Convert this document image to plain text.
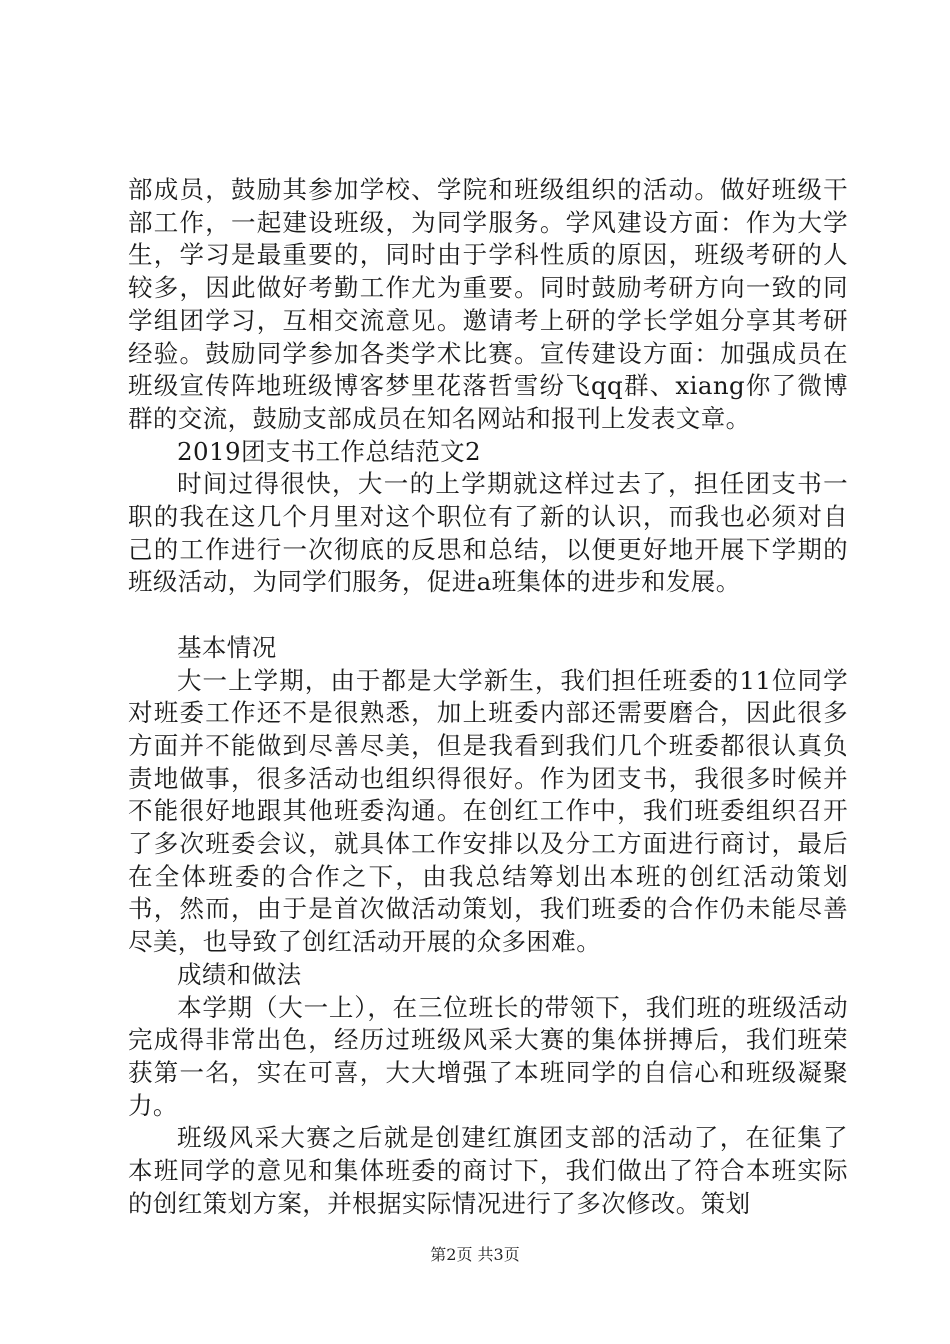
部成员，鼓励其参加学校、学院和班级组织的活动。做好班级干部工作，一起建设班级，为同学服务。学风建设方面：作为大学生，学习是最重要的，同时由于学科性质的原因，班级考研的人较多，因此做好考勤工作尤为重要。同时鼓励考研方向一致的同学组团学习，互相交流意见。邀请考上研的学长学姐分享其考研经验。鼓励同学参加各类学术比赛。宣传建设方面：加强成员在班级宣传阵地班级博客梦里花落哲雪纷飞qq群、xiang你了微博群的交流，鼓励支部成员在知名网站和报刊上发表文章。

2019团支书工作总结范文2

时间过得很快，大一的上学期就这样过去了，担任团支书一职的我在这几个月里对这个职位有了新的认识，而我也必须对自己的工作进行一次彻底的反思和总结，以便更好地开展下学期的班级活动，为同学们服务，促进a班集体的进步和发展。

基本情况

大一上学期，由于都是大学新生，我们担任班委的11位同学对班委工作还不是很熟悉，加上班委内部还需要磨合，因此很多方面并不能做到尽善尽美，但是我看到我们几个班委都很认真负责地做事，很多活动也组织得很好。作为团支书，我很多时候并不能很好地跟其他班委沟通。在创红工作中，我们班委组织召开了多次班委会议，就具体工作安排以及分工方面进行商讨，最后在全体班委的合作之下，由我总结筹划出本班的创红活动策划书，然而，由于是首次做活动策划，我们班委的合作仍未能尽善尽美，也导致了创红活动开展的众多困难。

成绩和做法

本学期（大一上），在三位班长的带领下，我们班的班级活动完成得非常出色，经历过班级风采大赛的集体拼搏后，我们班荣获第一名，实在可喜，大大增强了本班同学的自信心和班级凝聚力。

班级风采大赛之后就是创建红旗团支部的活动了，在征集了本班同学的意见和集体班委的商讨下，我们做出了符合本班实际的创红策划方案，并根据实际情况进行了多次修改。策划

第2页 共3页
